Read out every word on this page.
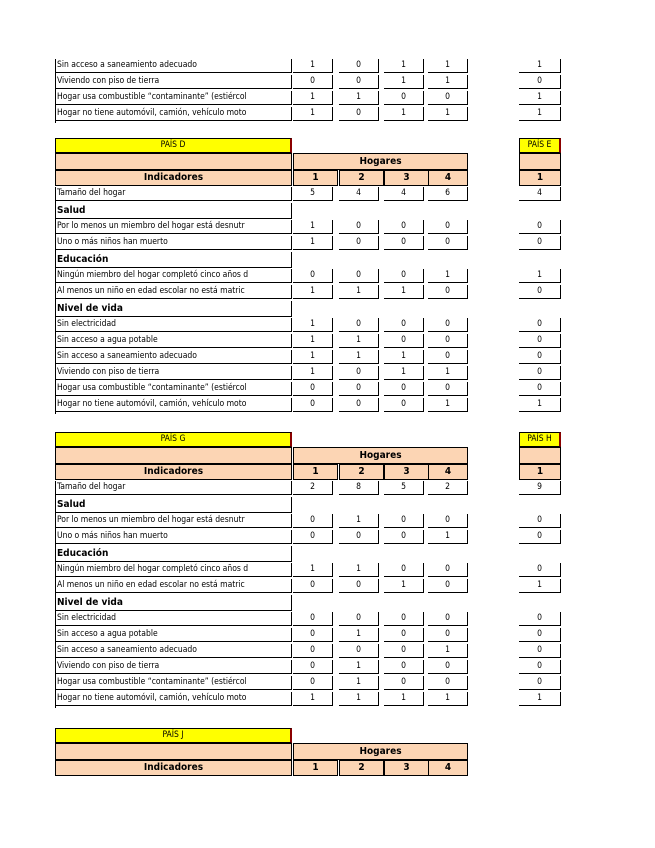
Sin acceso a saneamiento adecuado	1	0	1	1	1
Viviendo con piso de tierra	0	0	1	1	0
Hogar usa combustible “contaminante” (estiércol	1	1	0	0	1
Hogar no tiene automóvil, camión, vehículo moto	1	0	1	1	1
PAÍS D	PAÍS E
Hogares
Indicadores	1	2	3	4	1
Tamaño del hogar	5	4	4	6	4
Salud
Por lo menos un miembro del hogar está desnutr	1	0	0	0	0
Uno o más niños han muerto	1	0	0	0	0
Educación
Ningún miembro del hogar completó cinco años d	0	0	0	1	1
Al menos un niño en edad escolar no está matric	1	1	1	0	0
Nivel de vida
Sin electricidad	1	0	0	0	0
Sin acceso a agua potable	1	1	0	0	0
Sin acceso a saneamiento adecuado	1	1	1	0	0
Viviendo con piso de tierra	1	0	1	1	0
Hogar usa combustible “contaminante” (estiércol	0	0	0	0	0
Hogar no tiene automóvil, camión, vehículo moto	0	0	0	1	1
PAÍS G	PAÍS H
Hogares
Indicadores	1	2	3	4	1
Tamaño del hogar	2	8	5	2	9
Salud
Por lo menos un miembro del hogar está desnutr	0	1	0	0	0
Uno o más niños han muerto	0	0	0	1	0
Educación
Ningún miembro del hogar completó cinco años d	1	1	0	0	0
Al menos un niño en edad escolar no está matric	0	0	1	0	1
Nivel de vida
Sin electricidad	0	0	0	0	0
Sin acceso a agua potable	0	1	0	0	0
Sin acceso a saneamiento adecuado	0	0	0	1	0
Viviendo con piso de tierra	0	1	0	0	0
Hogar usa combustible “contaminante” (estiércol	0	1	0	0	0
Hogar no tiene automóvil, camión, vehículo moto	1	1	1	1	1
PAÍS J
Hogares
Indicadores	1	2	3	4
